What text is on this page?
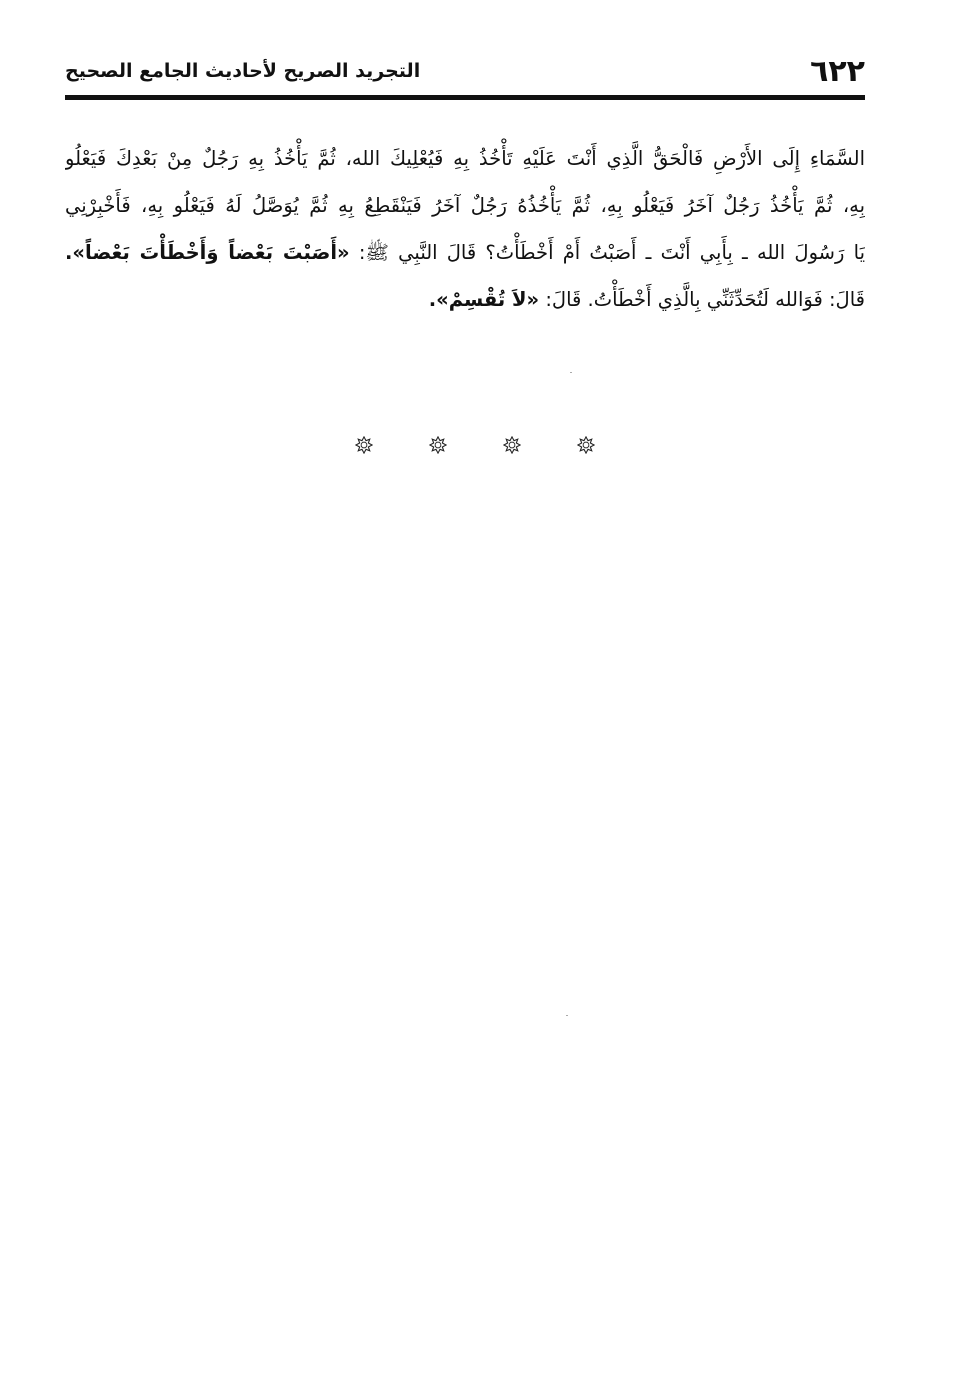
التجريد الصريح لأحاديث الجامع الصحيح	٦٢٢
السَّمَاءِ إِلَى الأَرْضِ فَالْحَقُّ الَّذِي أَنْتَ عَلَيْهِ تَأْخُذُ بِهِ فَيُعْلِيكَ الله، ثُمَّ يَأْخُذُ بِهِ رَجُلٌ مِنْ بَعْدِكَ فَيَعْلُو
بِهِ، ثُمَّ يَأْخُذُ رَجُلٌ آخَرُ فَيَعْلُو بِهِ، ثُمَّ يَأْخُذُهُ رَجُلٌ آخَرُ فَيَنْقَطِعُ بِهِ ثُمَّ يُوَصَّلُ لَهُ فَيَعْلُو بِهِ، فَأَخْبِرْنِي
يَا رَسُولَ الله ـ بِأَبِي أَنْتَ ـ أَصَبْتُ أَمْ أَخْطَأْتُ؟ قَالَ النَّبِي ﷺ: «أَصَبْتَ بَعْضاً وَأَخْطَأْتَ بَعْضاً».
قَالَ: فَوَالله لَتُحَدِّثَنِّي بِالَّذِي أَخْطَأْتُ. قَالَ: «لاَ تُقْسِمْ».
